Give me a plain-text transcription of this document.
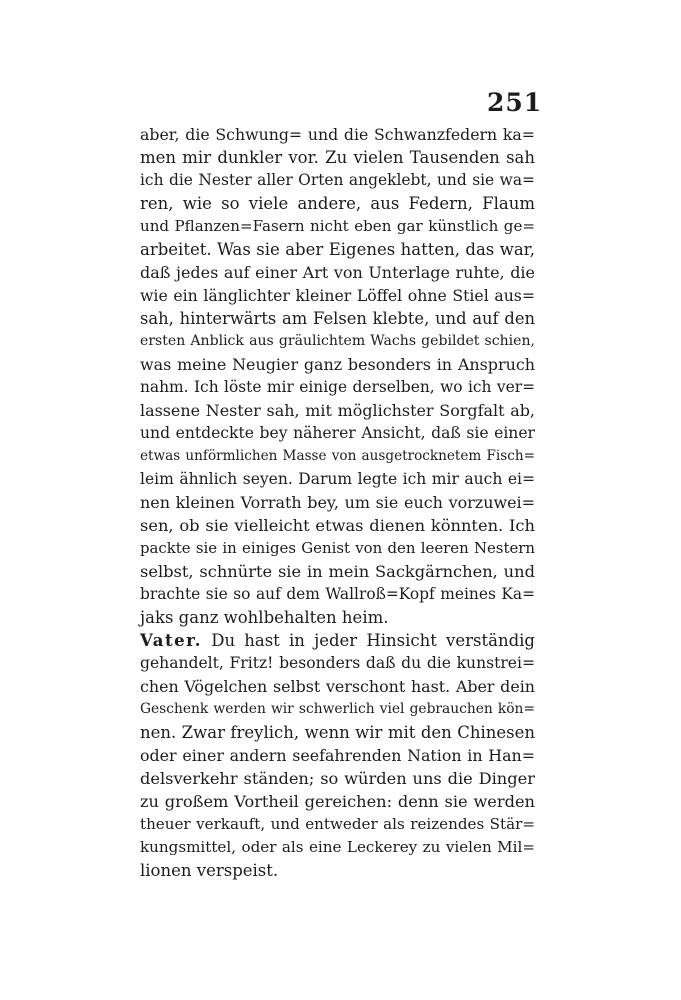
251
aber, die Schwung= und die Schwanzfedern ka=
men mir dunkler vor. Zu vielen Tausenden sah
ich die Nester aller Orten angeklebt, und sie wa=
ren, wie so viele andere, aus Federn, Flaum
und Pflanzen=Fasern nicht eben gar künstlich ge=
arbeitet. Was sie aber Eigenes hatten, das war,
daß jedes auf einer Art von Unterlage ruhte, die
wie ein länglichter kleiner Löffel ohne Stiel aus=
sah, hinterwärts am Felsen klebte, und auf den
ersten Anblick aus gräulichtem Wachs gebildet schien,
was meine Neugier ganz besonders in Anspruch
nahm. Ich löste mir einige derselben, wo ich ver=
lassene Nester sah, mit möglichster Sorgfalt ab,
und entdeckte bey näherer Ansicht, daß sie einer
etwas unförmlichen Masse von ausgetrocknetem Fisch=
leim ähnlich seyen. Darum legte ich mir auch ei=
nen kleinen Vorrath bey, um sie euch vorzuwei=
sen, ob sie vielleicht etwas dienen könnten. Ich
packte sie in einiges Genist von den leeren Nestern
selbst, schnürte sie in mein Sackgärnchen, und
brachte sie so auf dem Wallroß=Kopf meines Ka=
jaks ganz wohlbehalten heim.
Vater. Du hast in jeder Hinsicht verständig
gehandelt, Fritz! besonders daß du die kunstrei=
chen Vögelchen selbst verschont hast. Aber dein
Geschenk werden wir schwerlich viel gebrauchen kön=
nen. Zwar freylich, wenn wir mit den Chinesen
oder einer andern seefahrenden Nation in Han=
delsverkehr ständen; so würden uns die Dinger
zu großem Vortheil gereichen: denn sie werden
theuer verkauft, und entweder als reizendes Stär=
kungsmittel, oder als eine Leckerey zu vielen Mil=
lionen verspeist.
